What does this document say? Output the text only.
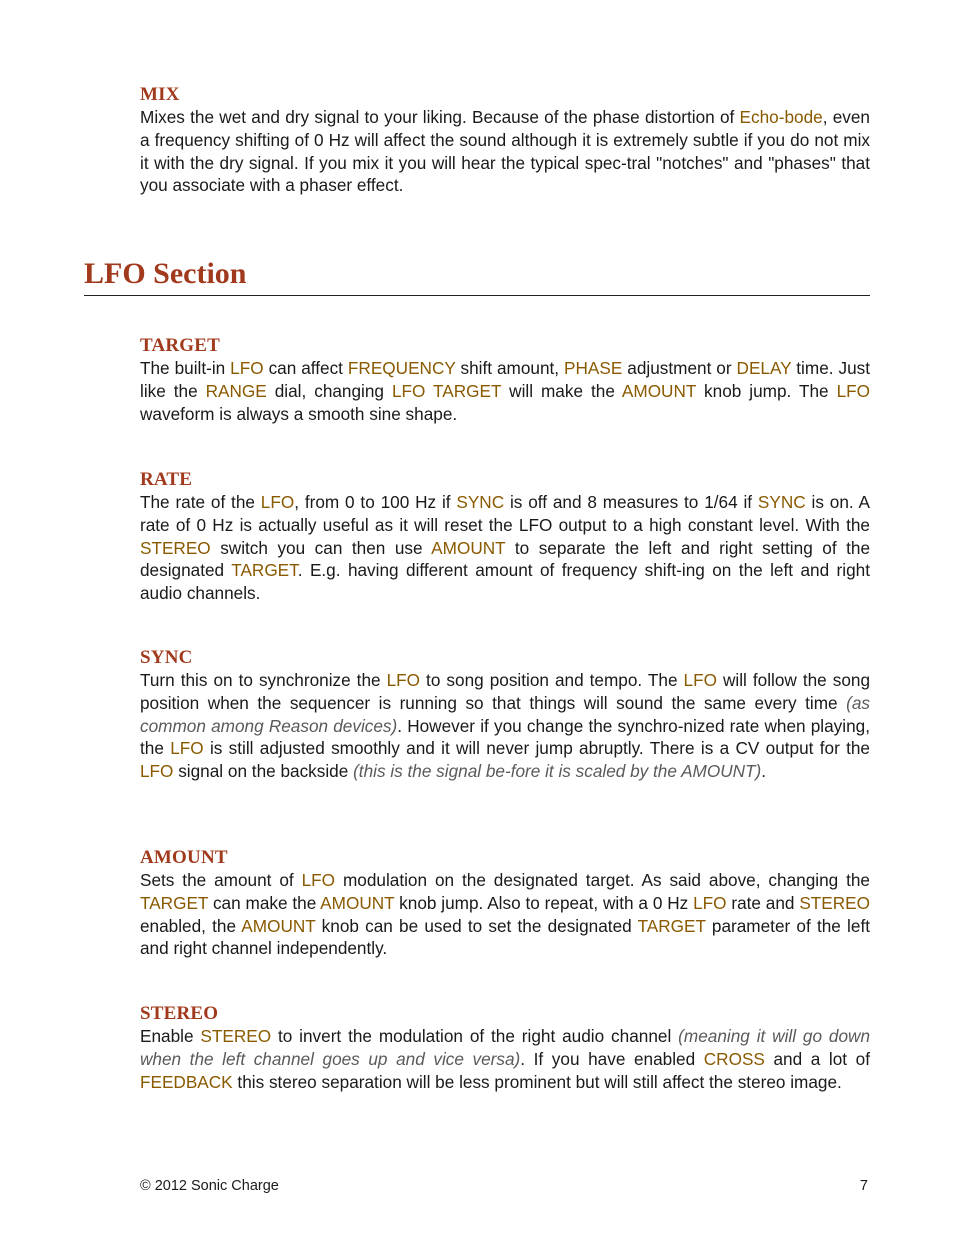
MIX

Mixes the wet and dry signal to your liking. Because of the phase distortion of Echo-bode, even a frequency shifting of 0 Hz will affect the sound although it is extremely subtle if you do not mix it with the dry signal. If you mix it you will hear the typical spec-tral "notches" and "phases" that you associate with a phaser effect.

LFO Section
TARGET

The built-in LFO can affect FREQUENCY shift amount, PHASE adjustment or DELAY time. Just like the RANGE dial, changing LFO TARGET will make the AMOUNT knob jump. The LFO waveform is always a smooth sine shape.

RATE

The rate of the LFO, from 0 to 100 Hz if SYNC is off and 8 measures to 1/64 if SYNC is on. A rate of 0 Hz is actually useful as it will reset the LFO output to a high constant level. With the STEREO switch you can then use AMOUNT to separate the left and right setting of the designated TARGET. E.g. having different amount of frequency shift-ing on the left and right audio channels.

SYNC

Turn this on to synchronize the LFO to song position and tempo. The LFO will follow the song position when the sequencer is running so that things will sound the same every time (as common among Reason devices). However if you change the synchro-nized rate when playing, the LFO is still adjusted smoothly and it will never jump abruptly. There is a CV output for the LFO signal on the backside (this is the signal be-fore it is scaled by the AMOUNT).

AMOUNT

Sets the amount of LFO modulation on the designated target. As said above, changing the TARGET can make the AMOUNT knob jump. Also to repeat, with a 0 Hz LFO rate and STEREO enabled, the AMOUNT knob can be used to set the designated TARGET parameter of the left and right channel independently.

STEREO

Enable STEREO to invert the modulation of the right audio channel (meaning it will go down when the left channel goes up and vice versa). If you have enabled CROSS and a lot of FEEDBACK this stereo separation will be less prominent but will still affect the stereo image.

© 2012 Sonic Charge	7
